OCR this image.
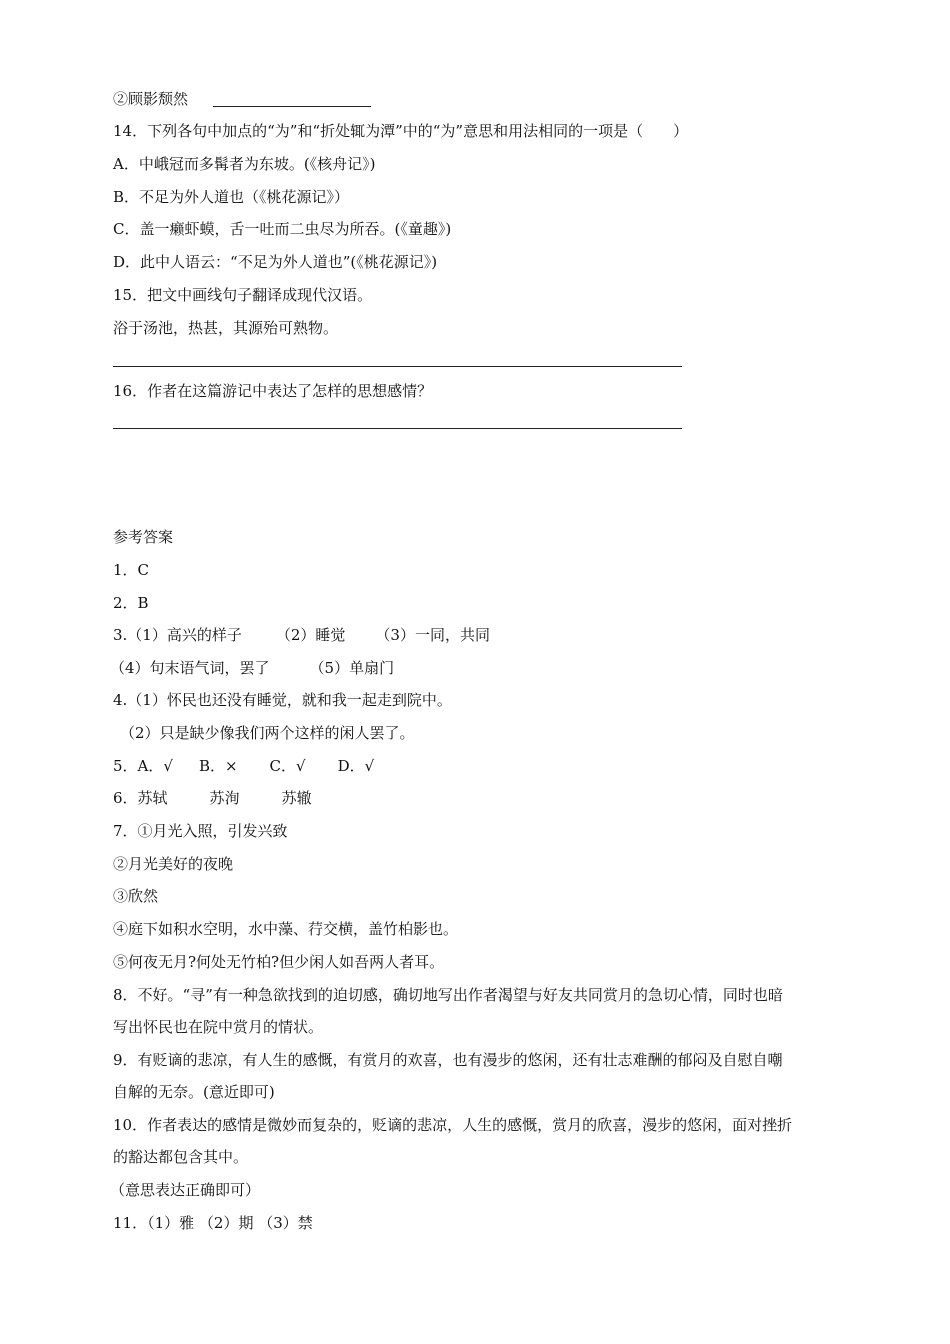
②顾影颓然
14．下列各句中加点的“为”和“折处辄为潭”中的“为”意思和用法相同的一项是（　　）
A．中峨冠而多髯者为东坡。(《核舟记》)
B．不足为外人道也（《桃花源记》）
C．盖一癞虾蟆，舌一吐而二虫尽为所吞。(《童趣》)
D．此中人语云：“不足为外人道也”(《桃花源记》)
15．把文中画线句子翻译成现代汉语。
浴于汤池，热甚，其源殆可熟物。
16．作者在这篇游记中表达了怎样的思想感情？
参考答案
1．C
2．B
3.（1）高兴的样子 （2）睡觉 （3）一同，共同
（4）句末语气词，罢了	（5）单扇门
4.（1）怀民也还没有睡觉，就和我一起走到院中。
（2）只是缺少像我们两个这样的闲人罢了。
5．A．√ B．× C．√ D．√
6．苏轼	苏洵	苏辙
7．①月光入照，引发兴致
②月光美好的夜晚
③欣然
④庭下如积水空明，水中藻、荇交横，盖竹柏影也。
⑤何夜无月?何处无竹柏?但少闲人如吾两人者耳。
8．不好。“寻”有一种急欲找到的迫切感，确切地写出作者渴望与好友共同赏月的急切心情，同时也暗
写出怀民也在院中赏月的情状。
9．有贬谪的悲凉，有人生的感慨，有赏月的欢喜，也有漫步的悠闲，还有壮志难酬的郁闷及自慰自嘲
自解的无奈。(意近即可)
10．作者表达的感情是微妙而复杂的，贬谪的悲凉，人生的感慨，赏月的欣喜，漫步的悠闲，面对挫折
的豁达都包含其中。
（意思表达正确即可）
11．（1）雅 （2）期 （3）禁
